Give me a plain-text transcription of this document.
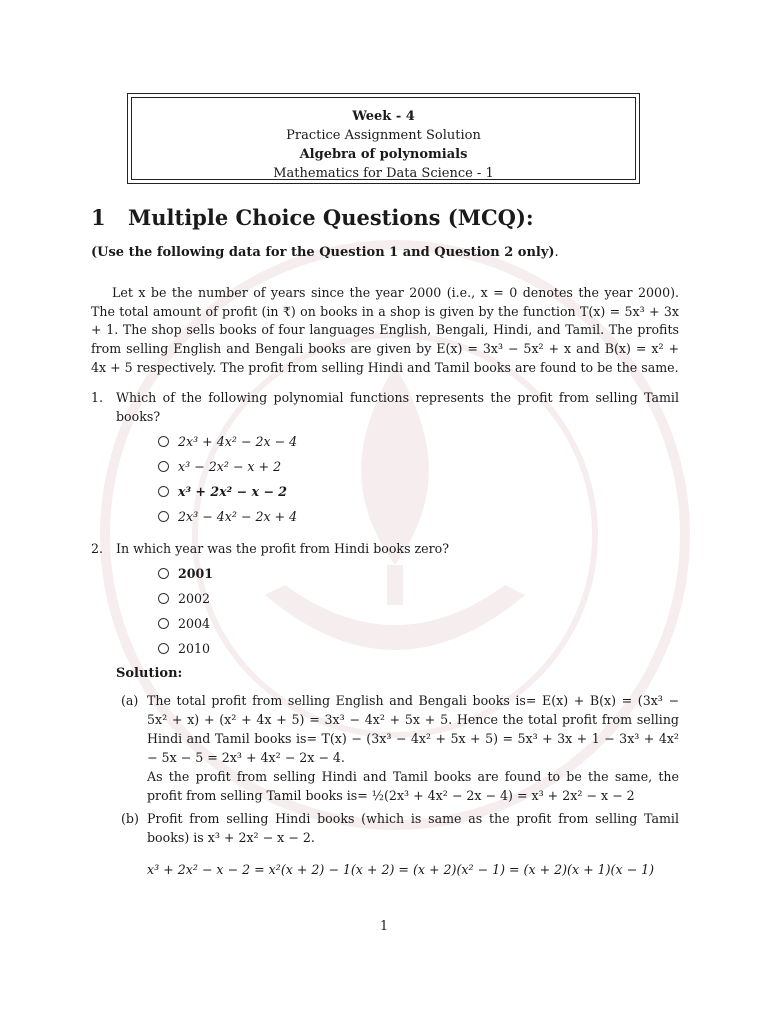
Week - 4
Practice Assignment Solution
Algebra of polynomials
Mathematics for Data Science - 1
1 Multiple Choice Questions (MCQ):
(Use the following data for the Question 1 and Question 2 only).

Let x be the number of years since the year 2000 (i.e., x = 0 denotes the year 2000). The total amount of profit (in ₹) on books in a shop is given by the function T(x) = 5x³ + 3x + 1. The shop sells books of four languages English, Bengali, Hindi, and Tamil. The profits from selling English and Bengali books are given by E(x) = 3x³ − 5x² + x and B(x) = x² + 4x + 5 respectively. The profit from selling Hindi and Tamil books are found to be the same.

1. Which of the following polynomial functions represents the profit from selling Tamil books?
2x³ + 4x² − 2x − 4
x³ − 2x² − x + 2
x³ + 2x² − x − 2
2x³ − 4x² − 2x + 4
2. In which year was the profit from Hindi books zero?
2001
2002
2004
2010
Solution:
(a) The total profit from selling English and Bengali books is= E(x) + B(x) = (3x³ − 5x² + x) + (x² + 4x + 5) = 3x³ − 4x² + 5x + 5. Hence the total profit from selling Hindi and Tamil books is= T(x) − (3x³ − 4x² + 5x + 5) = 5x³ + 3x + 1 − 3x³ + 4x² − 5x − 5 = 2x³ + 4x² − 2x − 4.

As the profit from selling Hindi and Tamil books are found to be the same, the profit from selling Tamil books is= ½(2x³ + 4x² − 2x − 4) = x³ + 2x² − x − 2

(b) Profit from selling Hindi books (which is same as the profit from selling Tamil books) is x³ + 2x² − x − 2.

x³ + 2x² − x − 2 = x²(x + 2) − 1(x + 2) = (x + 2)(x² − 1) = (x + 2)(x + 1)(x − 1)
1
